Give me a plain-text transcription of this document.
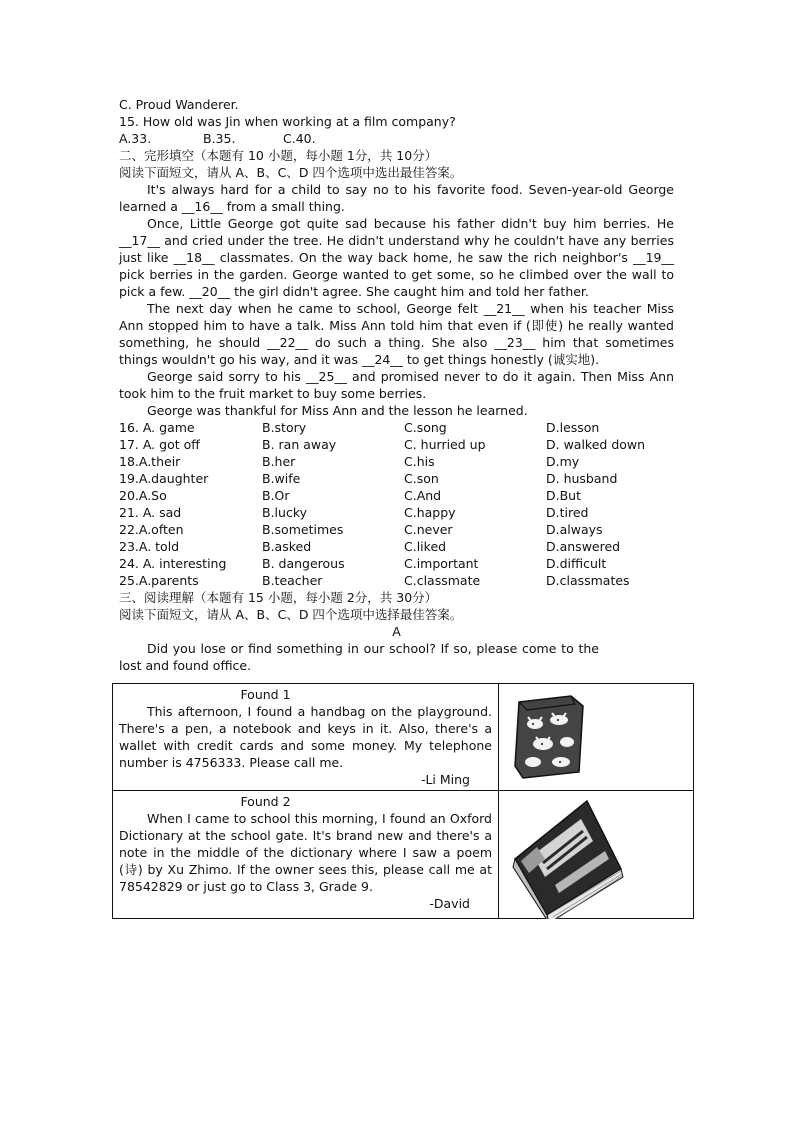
C. Proud Wanderer.

15. How old was Jin when working at a film company?

A.33.	B.35.	C.40.

二、完形填空（本题有 10 小题，每小题 1分，共 10分）

阅读下面短文，请从 A、B、C、D 四个选项中选出最佳答案。

It's always hard for a child to say no to his favorite food. Seven-year-old George learned a __16__ from a small thing.

Once, Little George got quite sad because his father didn't buy him berries. He __17__ and cried under the tree. He didn't understand why he couldn't have any berries just like __18__ classmates. On the way back home, he saw the rich neighbor's __19__ pick berries in the garden. George wanted to get some, so he climbed over the wall to pick a few. __20__ the girl didn't agree. She caught him and told her father.

The next day when he came to school, George felt __21__ when his teacher Miss Ann stopped him to have a talk. Miss Ann told him that even if (即使) he really wanted something, he should __22__ do such a thing. She also __23__ him that sometimes things wouldn't go his way, and it was __24__ to get things honestly (诚实地).

George said sorry to his __25__ and promised never to do it again. Then Miss Ann took him to the fruit market to buy some berries.

George was thankful for Miss Ann and the lesson he learned.

16. A. game	B.story	C.song	D.lesson
17. A. got off	B. ran away	C. hurried up	D. walked down
18.A.their	B.her	C.his	D.my
19.A.daughter	B.wife	C.son	D. husband
20.A.So	B.Or	C.And	D.But
21. A. sad	B.lucky	C.happy	D.tired
22.A.often	B.sometimes	C.never	D.always
23.A. told	B.asked	C.liked	D.answered
24. A. interesting	B. dangerous	C.important	D.difficult
25.A.parents	B.teacher	C.classmate	D.classmates

三、阅读理解（本题有 15 小题，每小题 2分，共 30分）

阅读下面短文，请从 A、B、C、D 四个选项中选择最佳答案。

A

Did you lose or find something in our school? If so, please come to the lost and found office.

Found 1
This afternoon, I found a handbag on the playground. There's a pen, a notebook and keys in it. Also, there's a wallet with credit cards and some money. My telephone number is 4756333. Please call me.
-Li Ming

Found 2
When I came to school this morning, I found an Oxford Dictionary at the school gate. It's brand new and there's a note in the middle of the dictionary where I saw a poem (诗) by Xu Zhimo. If the owner sees this, please call me at 78542829 or just go to Class 3, Grade 9.
-David
